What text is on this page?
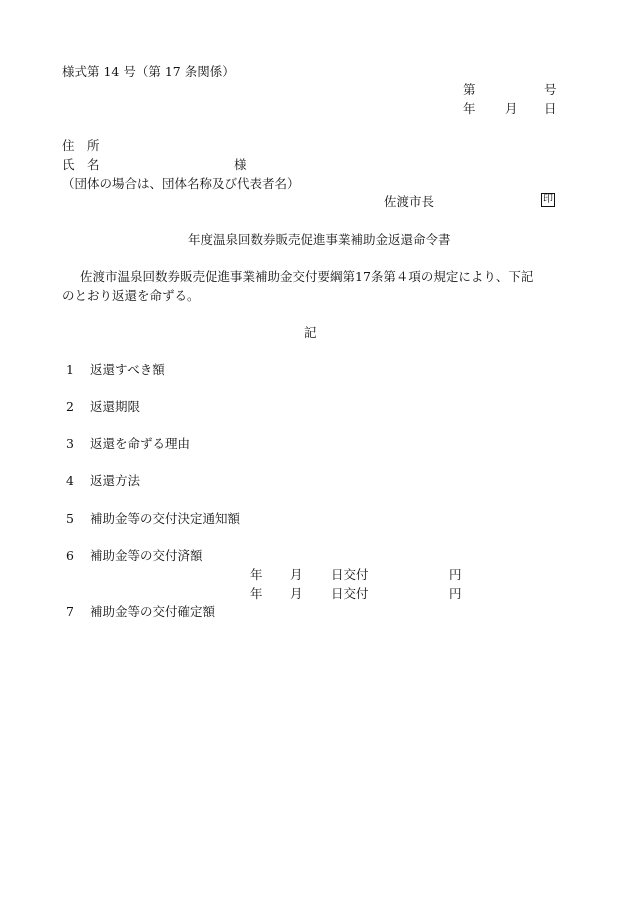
様式第 14 号（第 17 条関係）
第	号
年 月 日
住　所
氏　名	様
（団体の場合は、団体名称及び代表者名）
佐渡市長	印
年度温泉回数券販売促進事業補助金返還命令書
佐渡市温泉回数券販売促進事業補助金交付要綱第17条第４項の規定により、下記
のとおり返還を命ずる。
記
1 返還すべき額
2 返還期限
3 返還を命ずる理由
4 返還方法
5 補助金等の交付決定通知額
6 補助金等の交付済額
年 月 日交付	円
年 月 日交付	円
7 補助金等の交付確定額
